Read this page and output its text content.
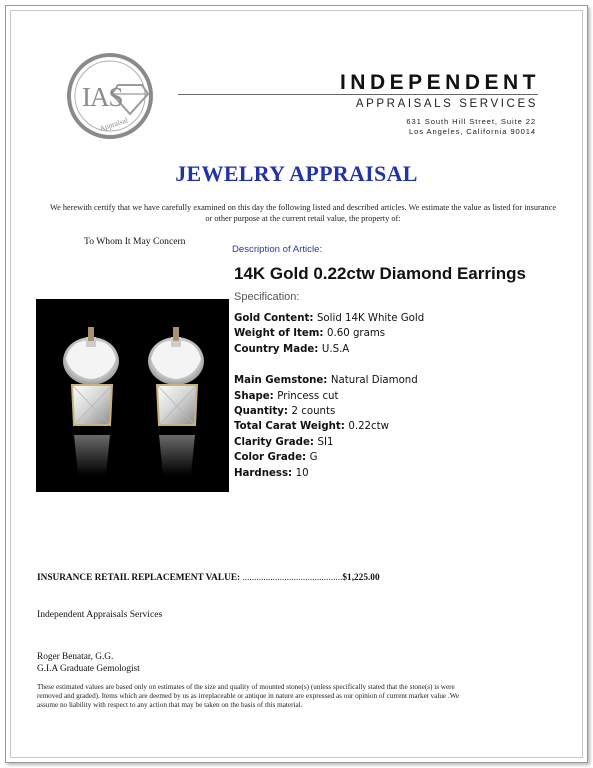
IAS
Appraisal
INDEPENDENT
APPRAISALS SERVICES
631 South Hill Street, Suite 22
Los Angeles, California 90014
JEWELRY APPRAISAL
We herewith certify that we have carefully examined on this day the following listed and described articles. We estimate the value as listed for insurance or other purpose at the current retail value, the property of:
To Whom It May Concern
Description of Article:
14K Gold 0.22ctw Diamond Earrings
Specification:
Gold Content: Solid 14K White Gold
Weight of Item: 0.60 grams
Country Made: U.S.A
Main Gemstone: Natural Diamond
Shape: Princess cut
Quantity: 2 counts
Total Carat Weight: 0.22ctw
Clarity Grade: SI1
Color Grade: G
Hardness: 10
INSURANCE RETAIL REPLACEMENT VALUE: ...........................................$1,225.00
Independent Appraisals Services
Roger Benatar, G.G.
G.I.A Graduate Gemologist
These estimated values are based only on estimates of the size and quality of mounted stone(s) (unless specifically stated that the stone(s) is were removed and graded). Items which are deemed by us as irreplaceable or antique in nature are expressed as our opinion of current market value .We assume no liability with respect to any action that may be taken on the basis of this material.
